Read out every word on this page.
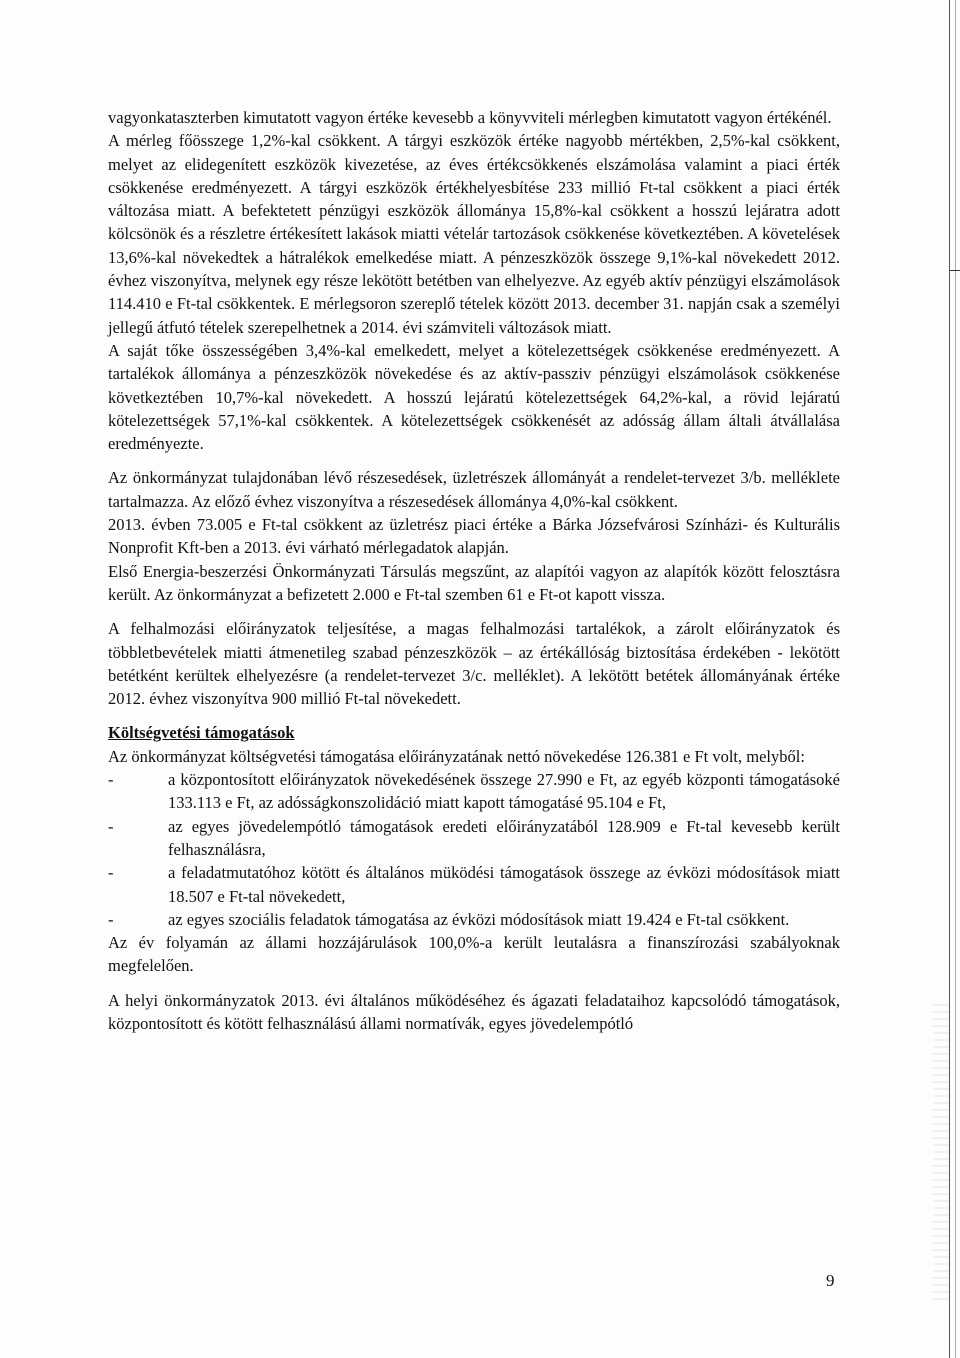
vagyonkataszterben kimutatott vagyon értéke kevesebb a könyvviteli mérlegben kimutatott vagyon értékénél.

A mérleg főösszege 1,2%-kal csökkent. A tárgyi eszközök értéke nagyobb mértékben, 2,5%-kal csökkent, melyet az elidegenített eszközök kivezetése, az éves értékcsökkenés elszámolása valamint a piaci érték csökkenése eredményezett. A tárgyi eszközök értékhelyesbítése 233 millió Ft-tal csökkent a piaci érték változása miatt. A befektetett pénzügyi eszközök állománya 15,8%-kal csökkent a hosszú lejáratra adott kölcsönök és a részletre értékesített lakások miatti vételár tartozások csökkenése következtében. A követelések 13,6%-kal növekedtek a hátralékok emelkedése miatt. A pénzeszközök összege 9,1%-kal növekedett 2012. évhez viszonyítva, melynek egy része lekötött betétben van elhelyezve. Az egyéb aktív pénzügyi elszámolások 114.410 e Ft-tal csökkentek. E mérlegsoron szereplő tételek között 2013. december 31. napján csak a személyi jellegű átfutó tételek szerepelhetnek a 2014. évi számviteli változások miatt.

A saját tőke összességében 3,4%-kal emelkedett, melyet a kötelezettségek csökkenése eredményezett. A tartalékok állománya a pénzeszközök növekedése és az aktív-passziv pénzügyi elszámolások csökkenése következtében 10,7%-kal növekedett. A hosszú lejáratú kötelezettségek 64,2%-kal, a rövid lejáratú kötelezettségek 57,1%-kal csökkentek. A kötelezettségek csökkenését az adósság állam általi átvállalása eredményezte.

Az önkormányzat tulajdonában lévő részesedések, üzletrészek állományát a rendelet-tervezet 3/b. melléklete tartalmazza. Az előző évhez viszonyítva a részesedések állománya 4,0%-kal csökkent.

2013. évben 73.005 e Ft-tal csökkent az üzletrész piaci értéke a Bárka Józsefvárosi Színházi- és Kulturális Nonprofit Kft-ben a 2013. évi várható mérlegadatok alapján.

Első Energia-beszerzési Önkormányzati Társulás megszűnt, az alapítói vagyon az alapítók között felosztásra került. Az önkormányzat a befizetett 2.000 e Ft-tal szemben 61 e Ft-ot kapott vissza.

A felhalmozási előirányzatok teljesítése, a magas felhalmozási tartalékok, a zárolt előirányzatok és többletbevételek miatti átmenetileg szabad pénzeszközök – az értékállóság biztosítása érdekében - lekötött betétként kerültek elhelyezésre (a rendelet-tervezet 3/c. melléklet). A lekötött betétek állományának értéke 2012. évhez viszonyítva 900 millió Ft-tal növekedett.

Költségvetési támogatások

Az önkormányzat költségvetési támogatása előirányzatának nettó növekedése 126.381 e Ft volt, melyből:

-	a központosított előirányzatok növekedésének összege 27.990 e Ft, az egyéb központi támogatásoké 133.113 e Ft, az adósságkonszolidáció miatt kapott támogatásé 95.104 e Ft,
-	az egyes jövedelempótló támogatások eredeti előirányzatából 128.909 e Ft-tal kevesebb került felhasználásra,
-	a feladatmutatóhoz kötött és általános müködési támogatások összege az évközi módosítások miatt 18.507 e Ft-tal növekedett,
-	az egyes szociális feladatok támogatása az évközi módosítások miatt 19.424 e Ft-tal csökkent.

Az év folyamán az állami hozzájárulások 100,0%-a került leutalásra a finanszírozási szabályoknak megfelelően.

A helyi önkormányzatok 2013. évi általános működéséhez és ágazati feladataihoz kapcsolódó támogatások, központosított és kötött felhasználású állami normatívák, egyes jövedelempótló

9
